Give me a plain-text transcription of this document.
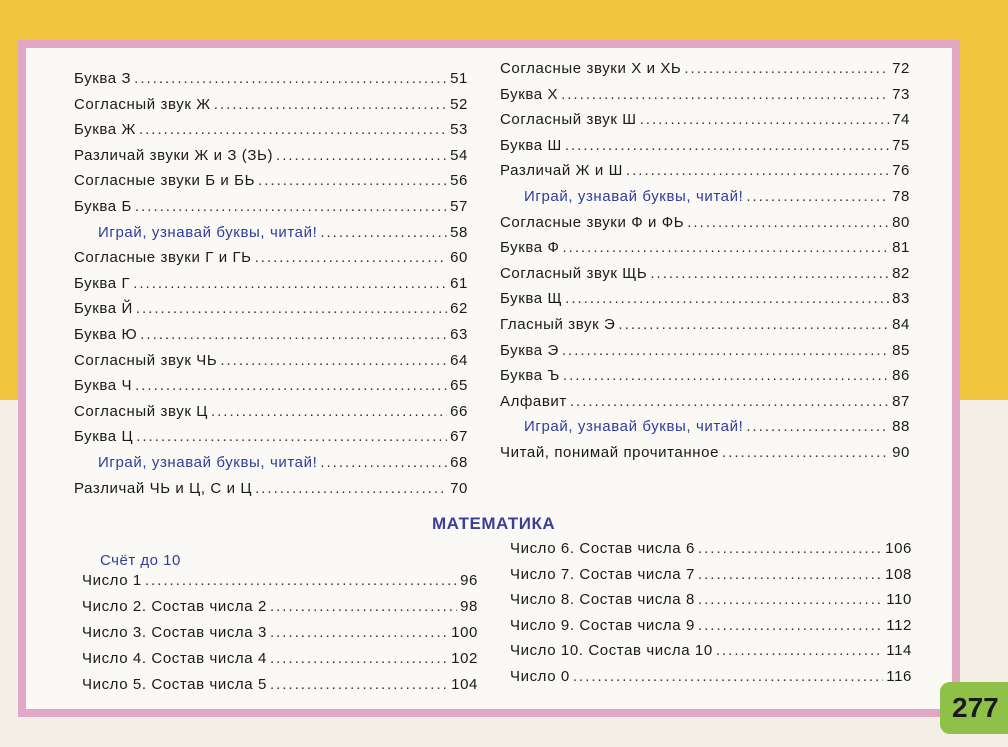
Буква З .....	51
Согласный звук Ж .....	52
Буква Ж .....	53
Различай звуки Ж и З (ЗЬ) .....	54
Согласные звуки Б и БЬ .....	56
Буква Б .....	57
Играй, узнавай буквы, читай! .....	58
Согласные звуки Г и ГЬ .....	60
Буква Г .....	61
Буква Й .....	62
Буква Ю .....	63
Согласный звук ЧЬ .....	64
Буква Ч .....	65
Согласный звук Ц .....	66
Буква Ц .....	67
Играй, узнавай буквы, читай! .....	68
Различай ЧЬ и Ц, С и Ц .....	70
Согласные звуки Х и ХЬ .....	72
Буква Х .....	73
Согласный звук Ш .....	74
Буква Ш .....	75
Различай Ж и Ш .....	76
Играй, узнавай буквы, читай! .....	78
Согласные звуки Ф и ФЬ .....	80
Буква Ф .....	81
Согласный звук ЩЬ .....	82
Буква Щ .....	83
Гласный звук Э .....	84
Буква Э .....	85
Буква Ъ .....	86
Алфавит .....	87
Играй, узнавай буквы, читай! .....	88
Читай, понимай прочитанное .....	90
МАТЕМАТИКА
Счёт до 10
Число 1 .....	96
Число 2. Состав числа 2 .....	98
Число 3. Состав числа 3 .....	100
Число 4. Состав числа 4 .....	102
Число 5. Состав числа 5 .....	104
Число 6. Состав числа 6 .....	106
Число 7. Состав числа 7 .....	108
Число 8. Состав числа 8 .....	110
Число 9. Состав числа 9 .....	112
Число 10. Состав числа 10 .....	114
Число 0 .....	116
277
